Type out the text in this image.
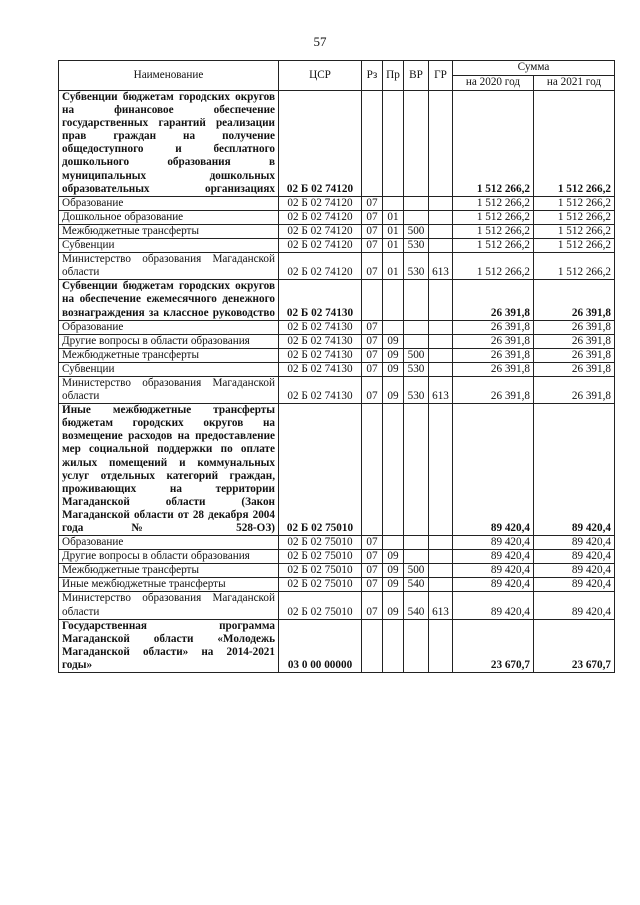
57
Наименование	ЦСР	Рз	Пр	ВР	ГР	Сумма	
						на 2020 год	на 2021 год
Субвенции бюджетам городских округов на финансовое обеспечение государственных гарантий реализации прав граждан на получение общедоступного и бесплатного дошкольного образования в муниципальных дошкольных образовательных организациях	02 Б 02 74120					1 512 266,2	1 512 266,2
Образование	02 Б 02 74120	07				1 512 266,2	1 512 266,2
Дошкольное образование	02 Б 02 74120	07	01			1 512 266,2	1 512 266,2
Межбюджетные трансферты	02 Б 02 74120	07	01	500		1 512 266,2	1 512 266,2
Субвенции	02 Б 02 74120	07	01	530		1 512 266,2	1 512 266,2
Министерство образования Магаданской области	02 Б 02 74120	07	01	530	613	1 512 266,2	1 512 266,2
Субвенции бюджетам городских округов на обеспечение ежемесячного денежного вознаграждения за классное руководство	02 Б 02 74130					26 391,8	26 391,8
Образование	02 Б 02 74130	07				26 391,8	26 391,8
Другие вопросы в области образования	02 Б 02 74130	07	09			26 391,8	26 391,8
Межбюджетные трансферты	02 Б 02 74130	07	09	500		26 391,8	26 391,8
Субвенции	02 Б 02 74130	07	09	530		26 391,8	26 391,8
Министерство образования Магаданской области	02 Б 02 74130	07	09	530	613	26 391,8	26 391,8
Иные межбюджетные трансферты бюджетам городских округов на возмещение расходов на предоставление мер социальной поддержки по оплате жилых помещений и коммунальных услуг отдельных категорий граждан, проживающих на территории Магаданской области (Закон Магаданской области от 28 декабря 2004 года № 528-ОЗ)	02 Б 02 75010					89 420,4	89 420,4
Образование	02 Б 02 75010	07				89 420,4	89 420,4
Другие вопросы в области образования	02 Б 02 75010	07	09			89 420,4	89 420,4
Межбюджетные трансферты	02 Б 02 75010	07	09	500		89 420,4	89 420,4
Иные межбюджетные трансферты	02 Б 02 75010	07	09	540		89 420,4	89 420,4
Министерство образования Магаданской области	02 Б 02 75010	07	09	540	613	89 420,4	89 420,4
Государственная программа Магаданской области «Молодежь Магаданской области» на 2014-2021 годы»	03 0 00 00000					23 670,7	23 670,7
